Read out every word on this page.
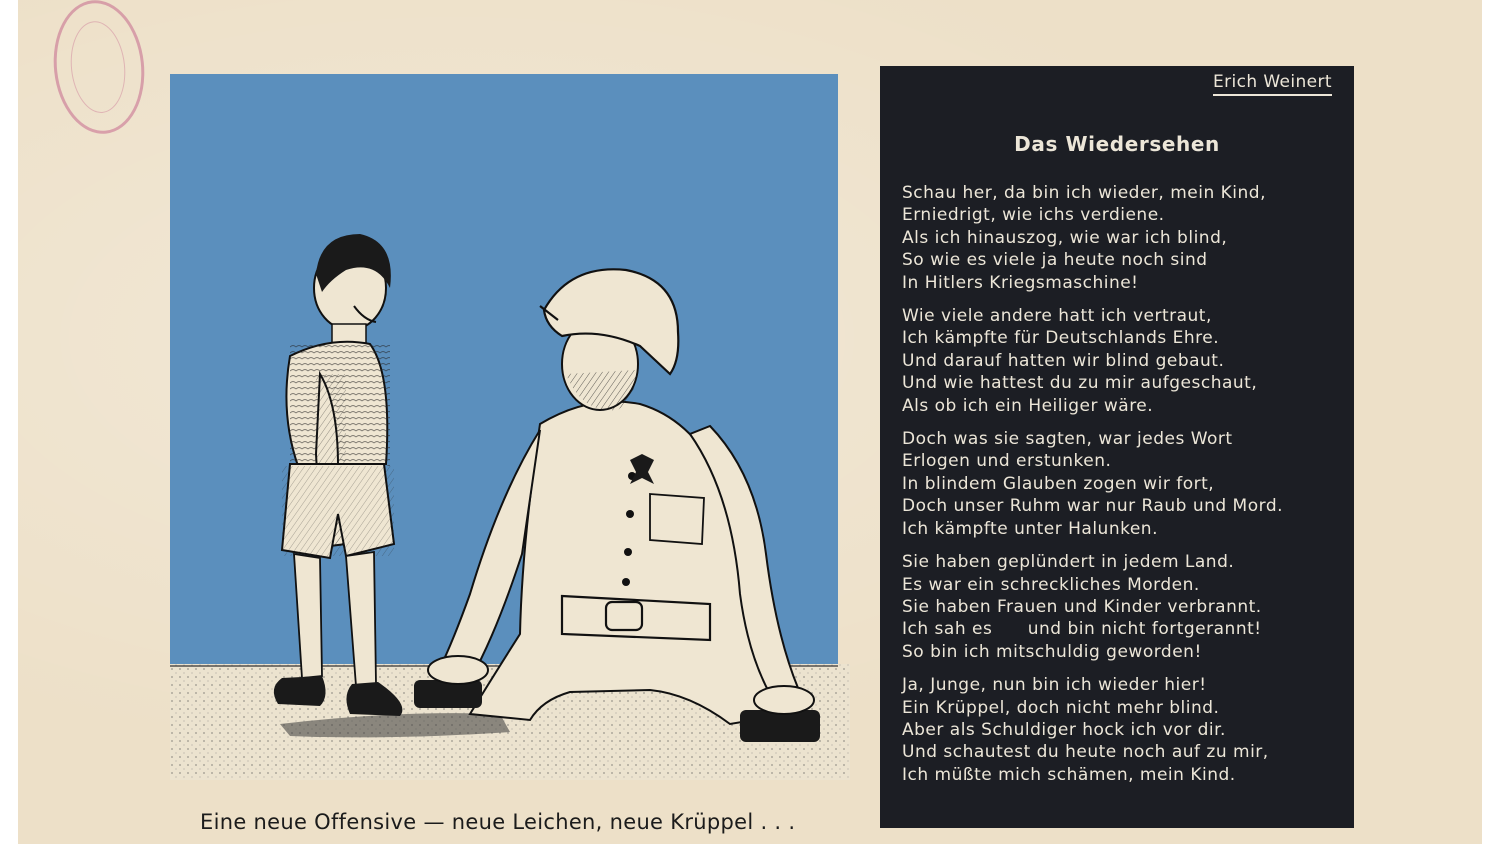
Eine neue Offensive — neue Leichen, neue Krüppel . . .
Erich Weinert
Das Wiedersehen
Schau her, da bin ich wieder, mein Kind,
Erniedrigt, wie ichs verdiene.
Als ich hinauszog, wie war ich blind,
So wie es viele ja heute noch sind
In Hitlers Kriegsmaschine!
Wie viele andere hatt ich vertraut,
Ich kämpfte für Deutschlands Ehre.
Und darauf hatten wir blind gebaut.
Und wie hattest du zu mir aufgeschaut,
Als ob ich ein Heiliger wäre.
Doch was sie sagten, war jedes Wort
Erlogen und erstunken.
In blindem Glauben zogen wir fort,
Doch unser Ruhm war nur Raub und Mord.
Ich kämpfte unter Halunken.
Sie haben geplündert in jedem Land.
Es war ein schreckliches Morden.
Sie haben Frauen und Kinder verbrannt.
Ich sah es      und bin nicht fortgerannt!
So bin ich mitschuldig geworden!
Ja, Junge, nun bin ich wieder hier!
Ein Krüppel, doch nicht mehr blind.
Aber als Schuldiger hock ich vor dir.
Und schautest du heute noch auf zu mir,
Ich müßte mich schämen, mein Kind.
